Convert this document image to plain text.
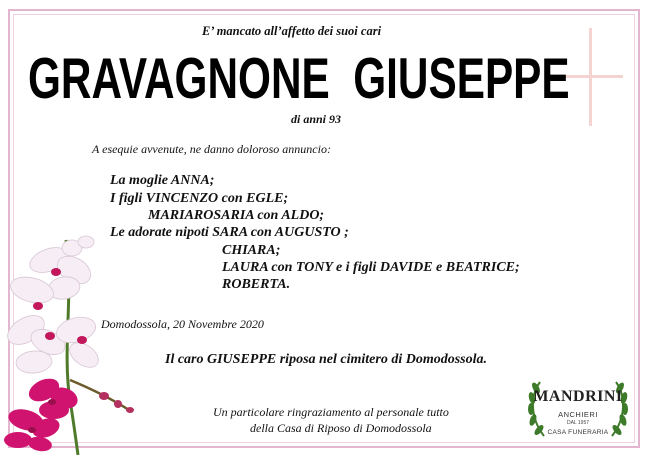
E’ mancato all’affetto dei suoi cari
GRAVAGNONE  GIUSEPPE
di anni 93
A esequie avvenute, ne danno doloroso annuncio:
La moglie ANNA;
I figli VINCENZO con EGLE;
MARIAROSARIA con ALDO;
Le adorate nipoti SARA con AUGUSTO ;
CHIARA;
LAURA con TONY e i figli DAVIDE e BEATRICE;
ROBERTA.
Domodossola, 20 Novembre 2020
Il caro GIUSEPPE riposa nel cimitero di Domodossola.
Un particolare ringraziamento al personale tutto
della Casa di Riposo di Domodossola
MANDRINI
ANCHIERI
DAL 1957
CASA FUNERARIA
